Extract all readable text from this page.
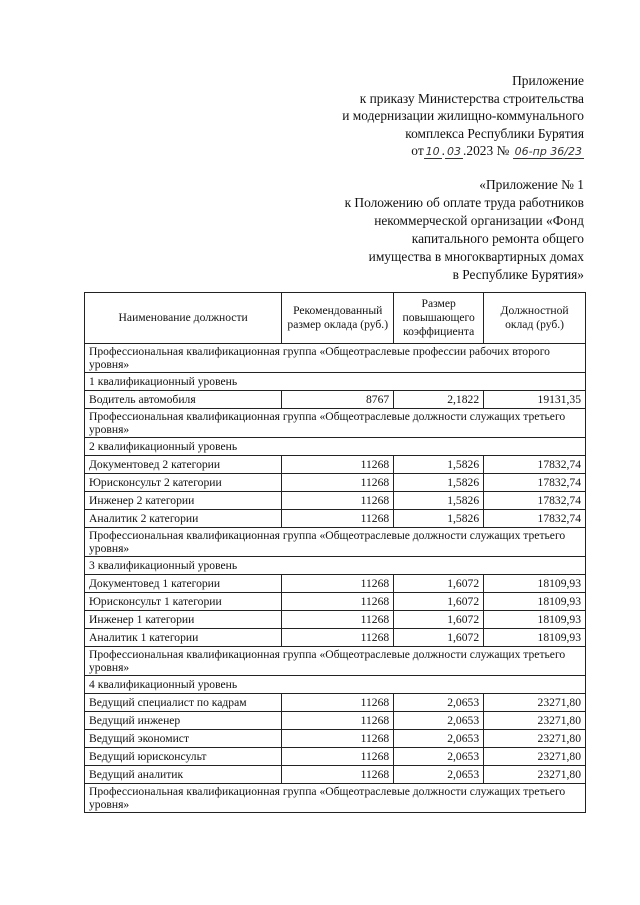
Приложение
к приказу Министерства строительства
и модернизации жилищно-коммунального
комплекса Республики Бурятия
от 10 . 03 .2023 № 06-пр 36/23
«Приложение № 1
к Положению об оплате труда работников
некоммерческой организации «Фонд
капитального ремонта общего
имущества в многоквартирных домах
в Республике Бурятия»
Наименование должности	Рекомендованный размер оклада (руб.)	Размер повышающего коэффициента	Должностной оклад (руб.)
Профессиональная квалификационная группа «Общеотраслевые профессии рабочих второго уровня»			
1 квалификационный уровень			
Водитель автомобиля	8767	2,1822	19131,35
Профессиональная квалификационная группа «Общеотраслевые должности служащих третьего уровня»			
2 квалификационный уровень			
Документовед 2 категории	11268	1,5826	17832,74
Юрисконсульт 2 категории	11268	1,5826	17832,74
Инженер 2 категории	11268	1,5826	17832,74
Аналитик 2 категории	11268	1,5826	17832,74
Профессиональная квалификационная группа «Общеотраслевые должности служащих третьего уровня»			
3 квалификационный уровень			
Документовед 1 категории	11268	1,6072	18109,93
Юрисконсульт 1 категории	11268	1,6072	18109,93
Инженер 1 категории	11268	1,6072	18109,93
Аналитик 1 категории	11268	1,6072	18109,93
Профессиональная квалификационная группа «Общеотраслевые должности служащих третьего уровня»			
4 квалификационный уровень			
Ведущий специалист по кадрам	11268	2,0653	23271,80
Ведущий инженер	11268	2,0653	23271,80
Ведущий экономист	11268	2,0653	23271,80
Ведущий юрисконсульт	11268	2,0653	23271,80
Ведущий аналитик	11268	2,0653	23271,80
Профессиональная квалификационная группа «Общеотраслевые должности служащих третьего уровня»			
